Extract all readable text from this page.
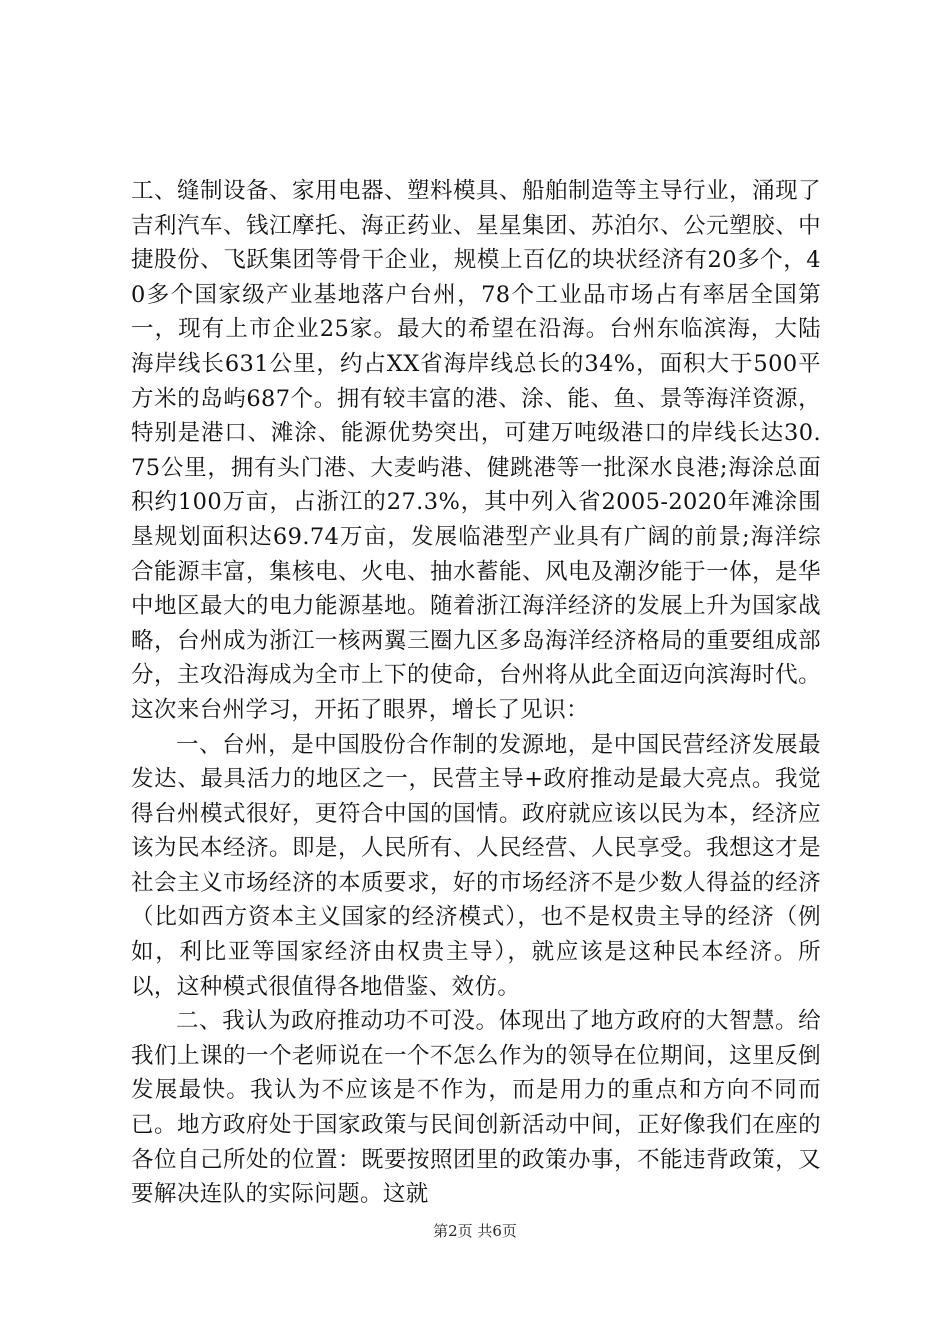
工、缝制设备、家用电器、塑料模具、船舶制造等主导行业，涌现了吉利汽车、钱江摩托、海正药业、星星集团、苏泊尔、公元塑胶、中捷股份、飞跃集团等骨干企业，规模上百亿的块状经济有20多个，40多个国家级产业基地落户台州，78个工业品市场占有率居全国第一，现有上市企业25家。最大的希望在沿海。台州东临滨海，大陆海岸线长631公里，约占XX省海岸线总长的34%，面积大于500平方米的岛屿687个。拥有较丰富的港、涂、能、鱼、景等海洋资源，特别是港口、滩涂、能源优势突出，可建万吨级港口的岸线长达30.75公里，拥有头门港、大麦屿港、健跳港等一批深水良港;海涂总面积约100万亩，占浙江的27.3%，其中列入省2005-2020年滩涂围垦规划面积达69.74万亩，发展临港型产业具有广阔的前景;海洋综合能源丰富，集核电、火电、抽水蓄能、风电及潮汐能于一体，是华中地区最大的电力能源基地。随着浙江海洋经济的发展上升为国家战略，台州成为浙江一核两翼三圈九区多岛海洋经济格局的重要组成部分，主攻沿海成为全市上下的使命，台州将从此全面迈向滨海时代。这次来台州学习，开拓了眼界，增长了见识：

一、台州，是中国股份合作制的发源地，是中国民营经济发展最发达、最具活力的地区之一，民营主导+政府推动是最大亮点。我觉得台州模式很好，更符合中国的国情。政府就应该以民为本，经济应该为民本经济。即是，人民所有、人民经营、人民享受。我想这才是社会主义市场经济的本质要求，好的市场经济不是少数人得益的经济（比如西方资本主义国家的经济模式），也不是权贵主导的经济（例如，利比亚等国家经济由权贵主导），就应该是这种民本经济。所以，这种模式很值得各地借鉴、效仿。

二、我认为政府推动功不可没。体现出了地方政府的大智慧。给我们上课的一个老师说在一个不怎么作为的领导在位期间，这里反倒发展最快。我认为不应该是不作为，而是用力的重点和方向不同而已。地方政府处于国家政策与民间创新活动中间，正好像我们在座的各位自己所处的位置：既要按照团里的政策办事，不能违背政策，又要解决连队的实际问题。这就

第2页 共6页
